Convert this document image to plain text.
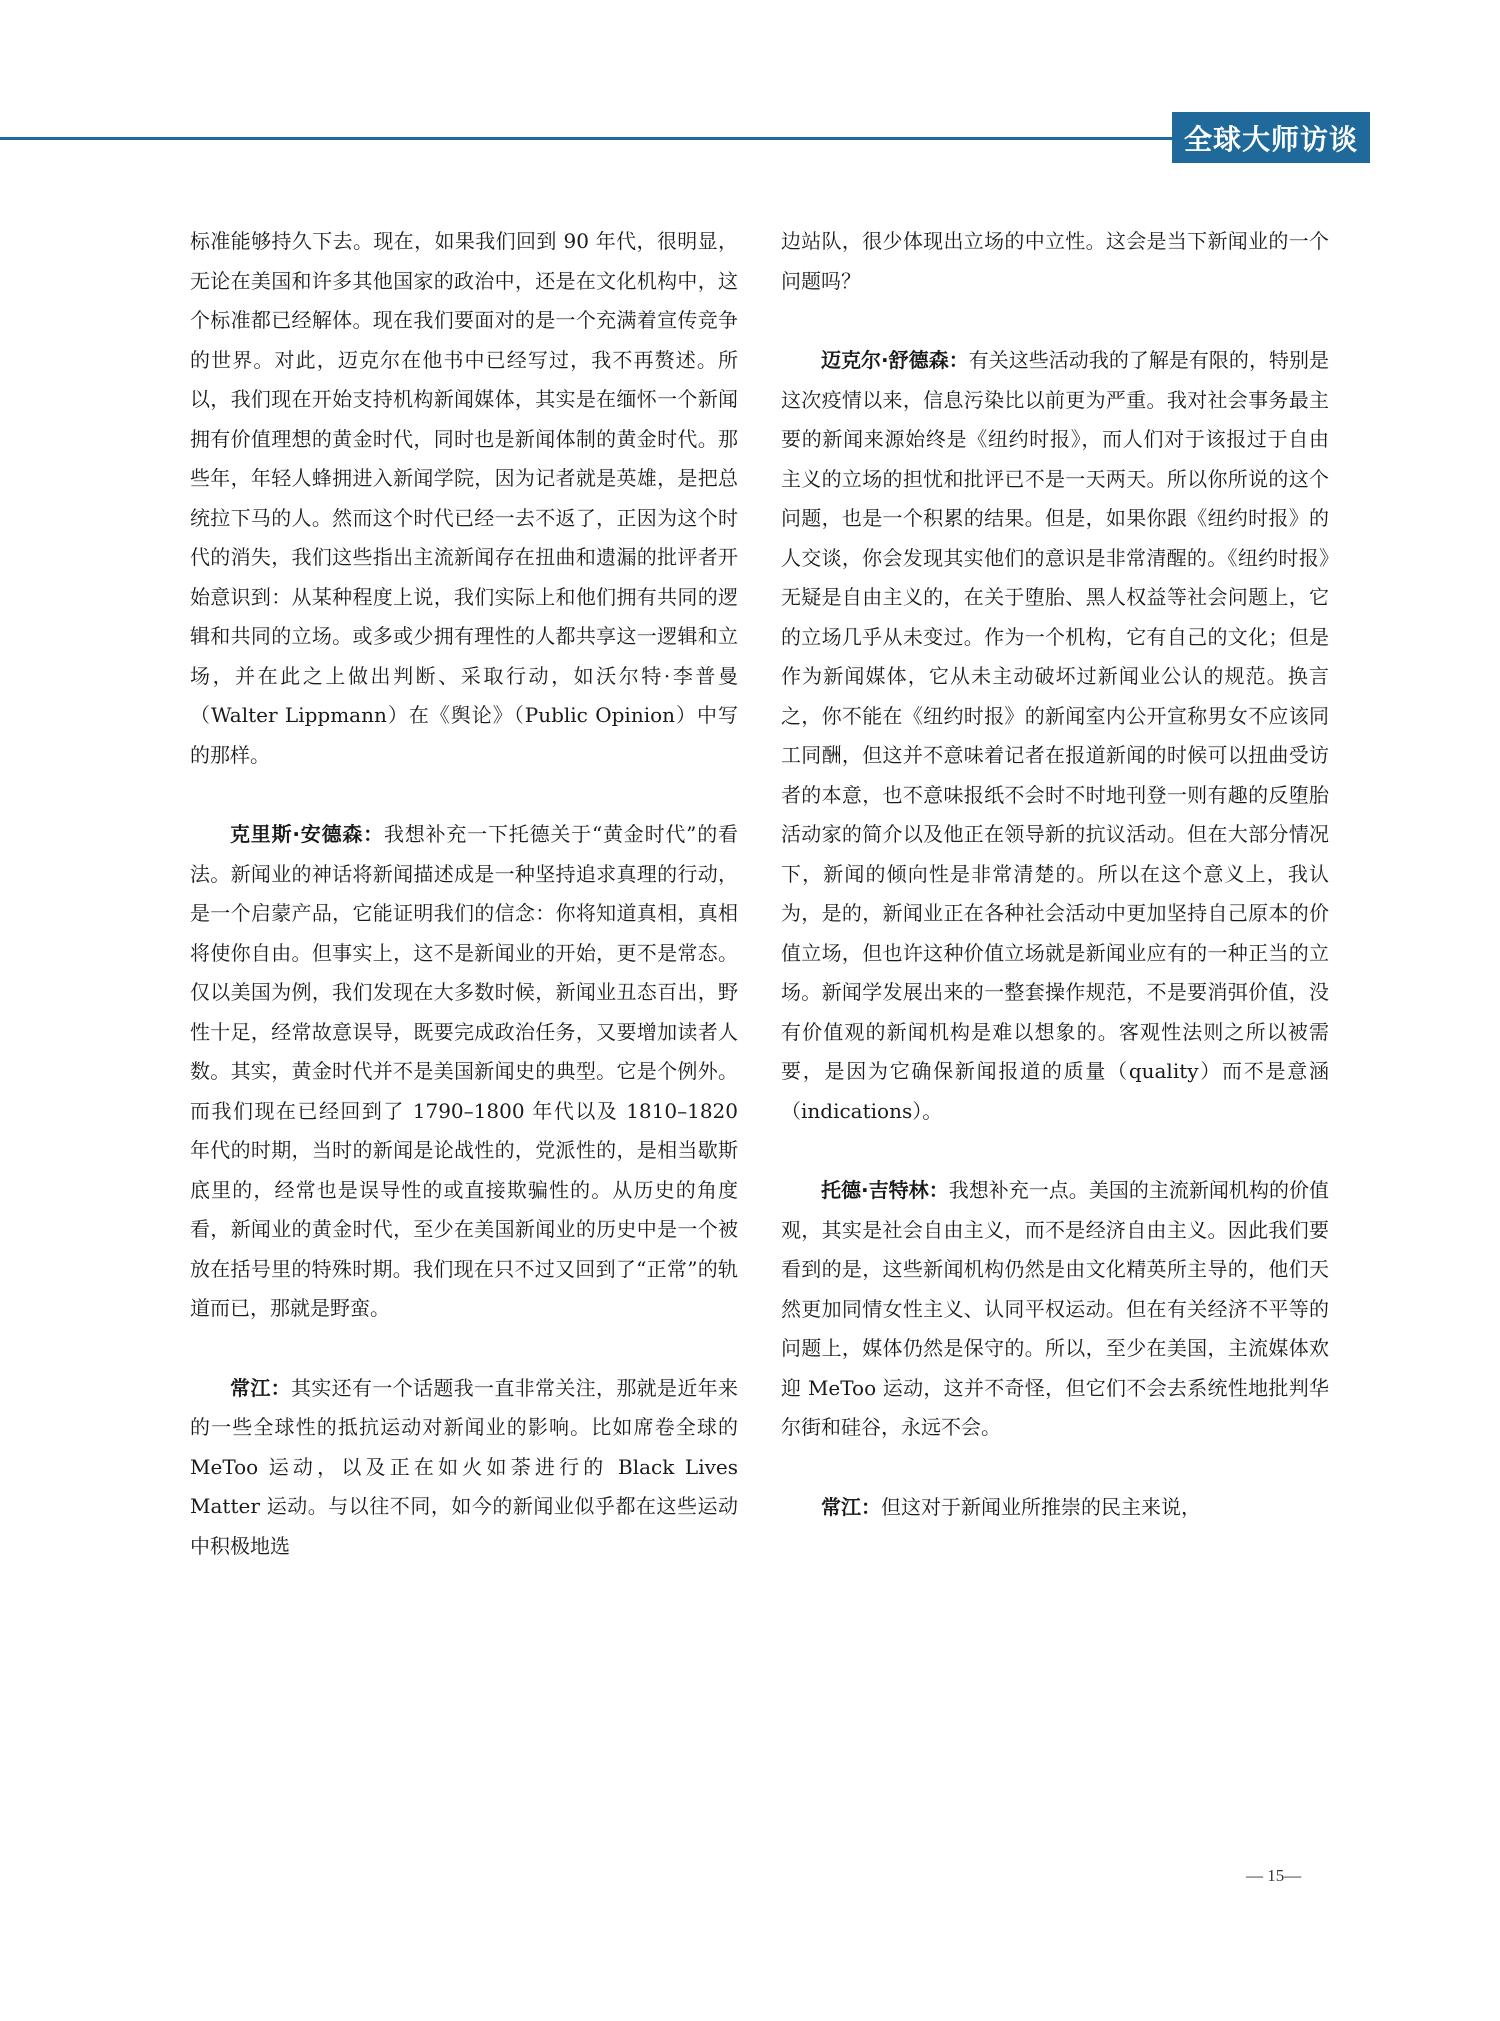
全球大师访谈

标准能够持久下去。现在，如果我们回到 90 年代，很明显，无论在美国和许多其他国家的政治中，还是在文化机构中，这个标准都已经解体。现在我们要面对的是一个充满着宣传竞争的世界。对此，迈克尔在他书中已经写过，我不再赘述。所以，我们现在开始支持机构新闻媒体，其实是在缅怀一个新闻拥有价值理想的黄金时代，同时也是新闻体制的黄金时代。那些年，年轻人蜂拥进入新闻学院，因为记者就是英雄，是把总统拉下马的人。然而这个时代已经一去不返了，正因为这个时代的消失，我们这些指出主流新闻存在扭曲和遗漏的批评者开始意识到：从某种程度上说，我们实际上和他们拥有共同的逻辑和共同的立场。或多或少拥有理性的人都共享这一逻辑和立场，并在此之上做出判断、采取行动，如沃尔特·李普曼（Walter Lippmann）在《舆论》（Public Opinion）中写的那样。

克里斯·安德森：我想补充一下托德关于“黄金时代”的看法。新闻业的神话将新闻描述成是一种坚持追求真理的行动，是一个启蒙产品，它能证明我们的信念：你将知道真相，真相将使你自由。但事实上，这不是新闻业的开始，更不是常态。仅以美国为例，我们发现在大多数时候，新闻业丑态百出，野性十足，经常故意误导，既要完成政治任务，又要增加读者人数。其实，黄金时代并不是美国新闻史的典型。它是个例外。而我们现在已经回到了 1790–1800 年代以及 1810–1820 年代的时期，当时的新闻是论战性的，党派性的，是相当歇斯底里的，经常也是误导性的或直接欺骗性的。从历史的角度看，新闻业的黄金时代，至少在美国新闻业的历史中是一个被放在括号里的特殊时期。我们现在只不过又回到了“正常”的轨道而已，那就是野蛮。

常江：其实还有一个话题我一直非常关注，那就是近年来的一些全球性的抵抗运动对新闻业的影响。比如席卷全球的 MeToo 运动，以及正在如火如荼进行的 Black Lives Matter 运动。与以往不同，如今的新闻业似乎都在这些运动中积极地选

边站队，很少体现出立场的中立性。这会是当下新闻业的一个问题吗？

迈克尔·舒德森：有关这些活动我的了解是有限的，特别是这次疫情以来，信息污染比以前更为严重。我对社会事务最主要的新闻来源始终是《纽约时报》，而人们对于该报过于自由主义的立场的担忧和批评已不是一天两天。所以你所说的这个问题，也是一个积累的结果。但是，如果你跟《纽约时报》的人交谈，你会发现其实他们的意识是非常清醒的。《纽约时报》无疑是自由主义的，在关于堕胎、黑人权益等社会问题上，它的立场几乎从未变过。作为一个机构，它有自己的文化；但是作为新闻媒体，它从未主动破坏过新闻业公认的规范。换言之，你不能在《纽约时报》的新闻室内公开宣称男女不应该同工同酬，但这并不意味着记者在报道新闻的时候可以扭曲受访者的本意，也不意味报纸不会时不时地刊登一则有趣的反堕胎活动家的简介以及他正在领导新的抗议活动。但在大部分情况下，新闻的倾向性是非常清楚的。所以在这个意义上，我认为，是的，新闻业正在各种社会活动中更加坚持自己原本的价值立场，但也许这种价值立场就是新闻业应有的一种正当的立场。新闻学发展出来的一整套操作规范，不是要消弭价值，没有价值观的新闻机构是难以想象的。客观性法则之所以被需要，是因为它确保新闻报道的质量（quality）而不是意涵（indications）。

托德·吉特林：我想补充一点。美国的主流新闻机构的价值观，其实是社会自由主义，而不是经济自由主义。因此我们要看到的是，这些新闻机构仍然是由文化精英所主导的，他们天然更加同情女性主义、认同平权运动。但在有关经济不平等的问题上，媒体仍然是保守的。所以，至少在美国，主流媒体欢迎 MeToo 运动，这并不奇怪，但它们不会去系统性地批判华尔街和硅谷，永远不会。

常江：但这对于新闻业所推崇的民主来说，

— 15—
